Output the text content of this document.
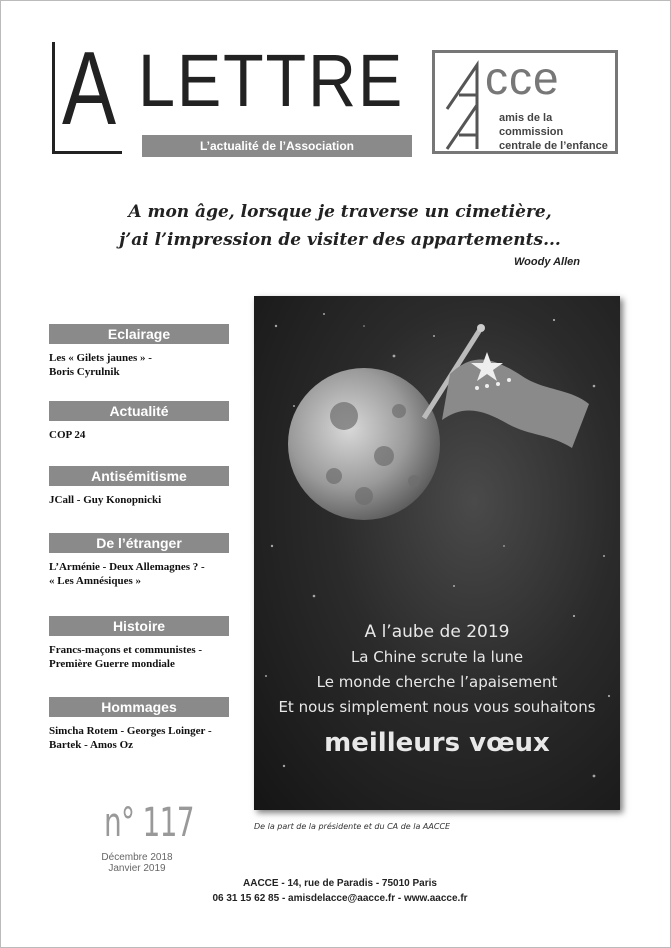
A LETTRE
L’actualité de l’Association
cce
amis de la commission
centrale de l’enfance
A mon âge, lorsque je traverse un cimetière,
j’ai l’impression de visiter des appartements...
Woody Allen
Eclairage
Les « Gilets jaunes » -
Boris Cyrulnik
Actualité
COP 24
Antisémitisme
JCall - Guy Konopnicki
De l’étranger
L’Arménie - Deux Allemagnes ? -
« Les Amnésiques »
Histoire
Francs-maçons et communistes -
Première Guerre mondiale
Hommages
Simcha Rotem - Georges Loinger -
Bartek - Amos Oz
A l’aube de 2019
La Chine scrute la lune
Le monde cherche l’apaisement
Et nous simplement nous vous souhaitons
meilleurs vœux
De la part de la présidente et du CA de la AACCE
n° 117
Décembre 2018
Janvier 2019
AACCE - 14, rue de Paradis - 75010 Paris
06 31 15 62 85 - amisdelacce@aacce.fr - www.aacce.fr
